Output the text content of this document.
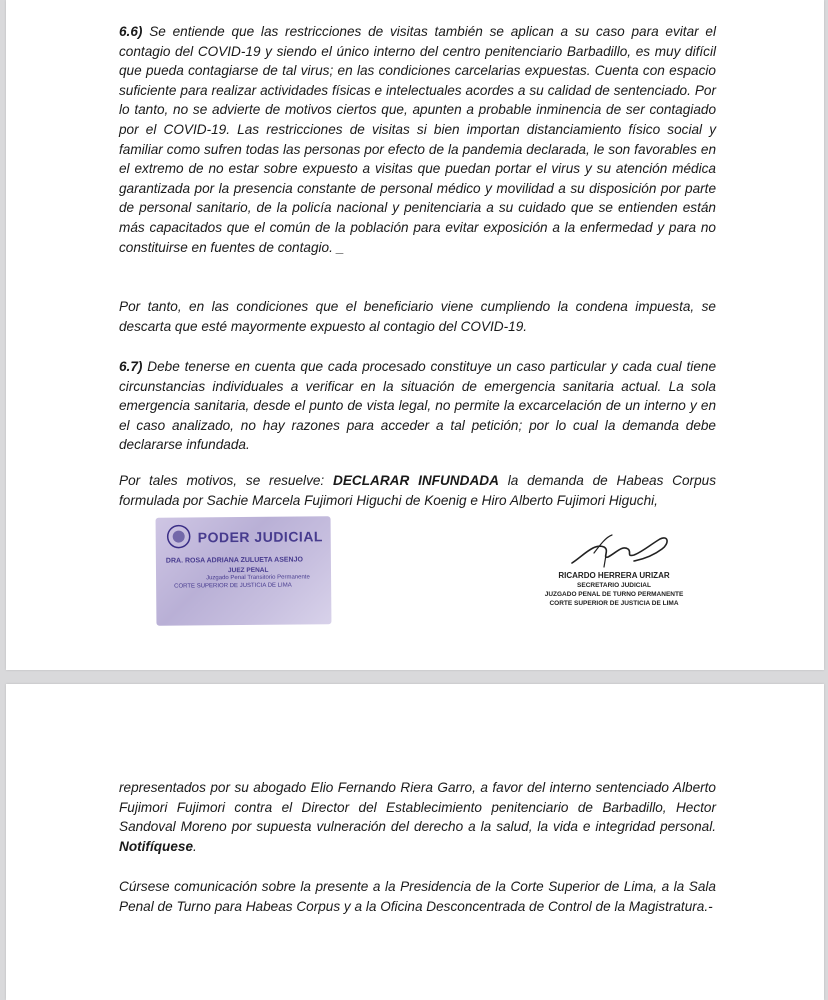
6.6) Se entiende que las restricciones de visitas también se aplican a su caso para evitar el contagio del COVID-19 y siendo el único interno del centro penitenciario Barbadillo, es muy difícil que pueda contagiarse de tal virus; en las condiciones carcelarias expuestas. Cuenta con espacio suficiente para realizar actividades físicas e intelectuales acordes a su calidad de sentenciado. Por lo tanto, no se advierte de motivos ciertos que, apunten a probable inminencia de ser contagiado por el COVID-19. Las restricciones de visitas si bien importan distanciamiento físico social y familiar como sufren todas las personas por efecto de la pandemia declarada, le son favorables en el extremo de no estar sobre expuesto a visitas que puedan portar el virus y su atención médica garantizada por la presencia constante de personal médico y movilidad a su disposición por parte de personal sanitario, de la policía nacional y penitenciaria a su cuidado que se entienden están más capacitados que el común de la población para evitar exposición a la enfermedad y para no constituirse en fuentes de contagio. _

Por tanto, en las condiciones que el beneficiario viene cumpliendo la condena impuesta, se descarta que esté mayormente expuesto al contagio del COVID-19.

6.7) Debe tenerse en cuenta que cada procesado constituye un caso particular y cada cual tiene circunstancias individuales a verificar en la situación de emergencia sanitaria actual. La sola emergencia sanitaria, desde el punto de vista legal, no permite la excarcelación de un interno y en el caso analizado, no hay razones para acceder a tal petición; por lo cual la demanda debe declararse infundada.

Por tales motivos, se resuelve: DECLARAR INFUNDADA la demanda de Habeas Corpus formulada por Sachie Marcela Fujimori Higuchi de Koenig e Hiro Alberto Fujimori Higuchi,

PODER JUDICIAL
DRA. ROSA ADRIANA ZULUETA ASENJO
JUEZ PENAL
Juzgado Penal Transitorio Permanente
CORTE SUPERIOR DE JUSTICIA DE LIMA
RICARDO HERRERA URIZAR
SECRETARIO JUDICIAL
JUZGADO PENAL DE TURNO PERMANENTE
CORTE SUPERIOR DE JUSTICIA DE LIMA

representados por su abogado Elio Fernando Riera Garro, a favor del interno sentenciado Alberto Fujimori Fujimori contra el Director del Establecimiento penitenciario de Barbadillo, Hector Sandoval Moreno por supuesta vulneración del derecho a la salud, la vida e integridad personal. Notifíquese.

Cúrsese comunicación sobre la presente a la Presidencia de la Corte Superior de Lima, a la Sala Penal de Turno para Habeas Corpus y a la Oficina Desconcentrada de Control de la Magistratura.-
